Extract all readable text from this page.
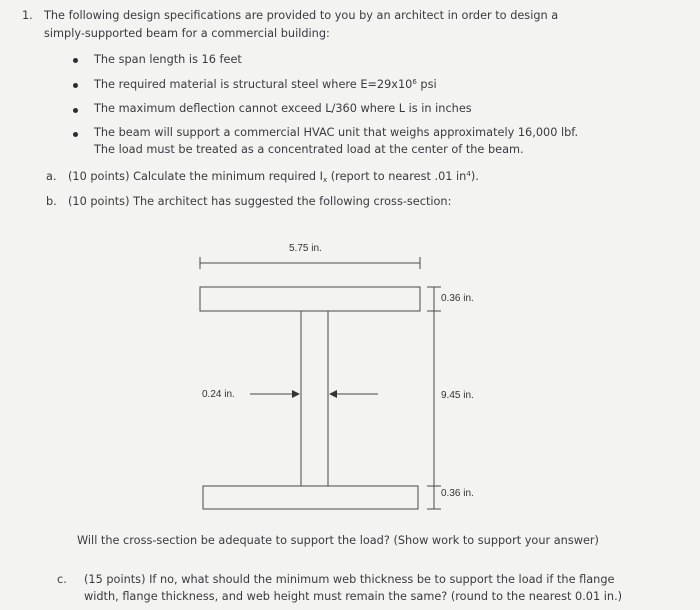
1. The following design specifications are provided to you by an architect in order to design a
simply-supported beam for a commercial building:
The span length is 16 feet
The required material is structural steel where $E=29x10^6$ psi
The maximum deflection cannot exceed L/360 where L is in inches
The beam will support a commercial HVAC unit that weighs approximately 16,000 lbf.
The load must be treated as a concentrated load at the center of the beam.
a. (10 points) Calculate the minimum required $I_x$ (report to nearest .01 $in^4$).
b. (10 points) The architect has suggested the following cross-section:
5.75 in.
0.36 in.
0.24 in.	9.45 in.
0.36 in.
Will the cross-section be adequate to support the load? (Show work to support your answer)
c. (15 points) If no, what should the minimum web thickness be to support the load if the flange
width, flange thickness, and web height must remain the same? (round to the nearest 0.01 in.)
